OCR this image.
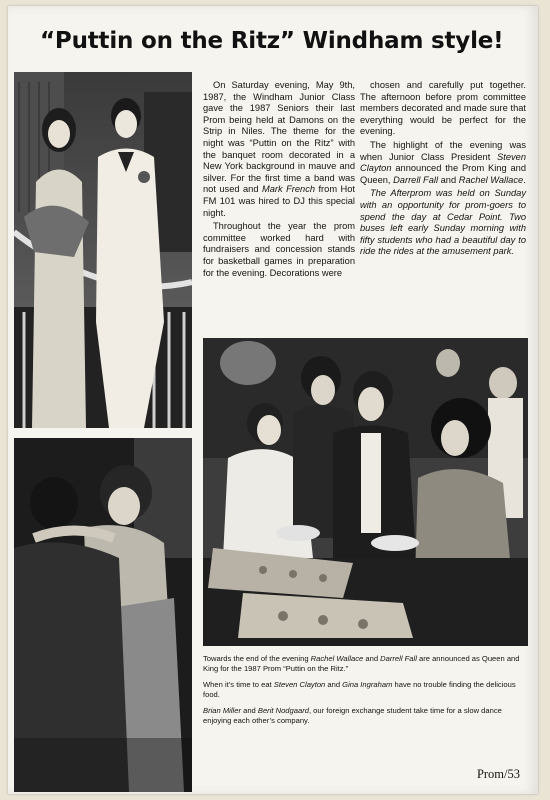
“Puttin on the Ritz” Windham style!

On Saturday evening, May 9th, 1987, the Windham Junior Class gave the 1987 Seniors their last Prom being held at Damons on the Strip in Niles. The theme for the night was “Puttin on the Ritz” with the banquet room decorated in a New York background in mauve and silver. For the first time a band was not used and Mark French from Hot FM 101 was hired to DJ this special night.

Throughout the year the prom committee worked hard with fundraisers and concession stands for basketball games in preparation for the evening. Decorations were

chosen and carefully put together. The afternoon before prom committee members decorated and made sure that everything would be perfect for the evening.

The highlight of the evening was when Junior Class President Steven Clayton announced the Prom King and Queen, Darrell Fall and Rachel Wallace.

The Afterprom was held on Sunday with an opportunity for prom-goers to spend the day at Cedar Point. Two buses left early Sunday morning with fifty students who had a beautiful day to ride the rides at the amusement park.

Towards the end of the evening Rachel Wallace and Darrell Fall are announced as Queen and King for the 1987 Prom “Puttin on the Ritz.”

When it’s time to eat Steven Clayton and Gina Ingraham have no trouble finding the delicious food.

Brian Miller and Berit Nodgaard, our foreign exchange student take time for a slow dance enjoying each other’s company.

Prom/53
